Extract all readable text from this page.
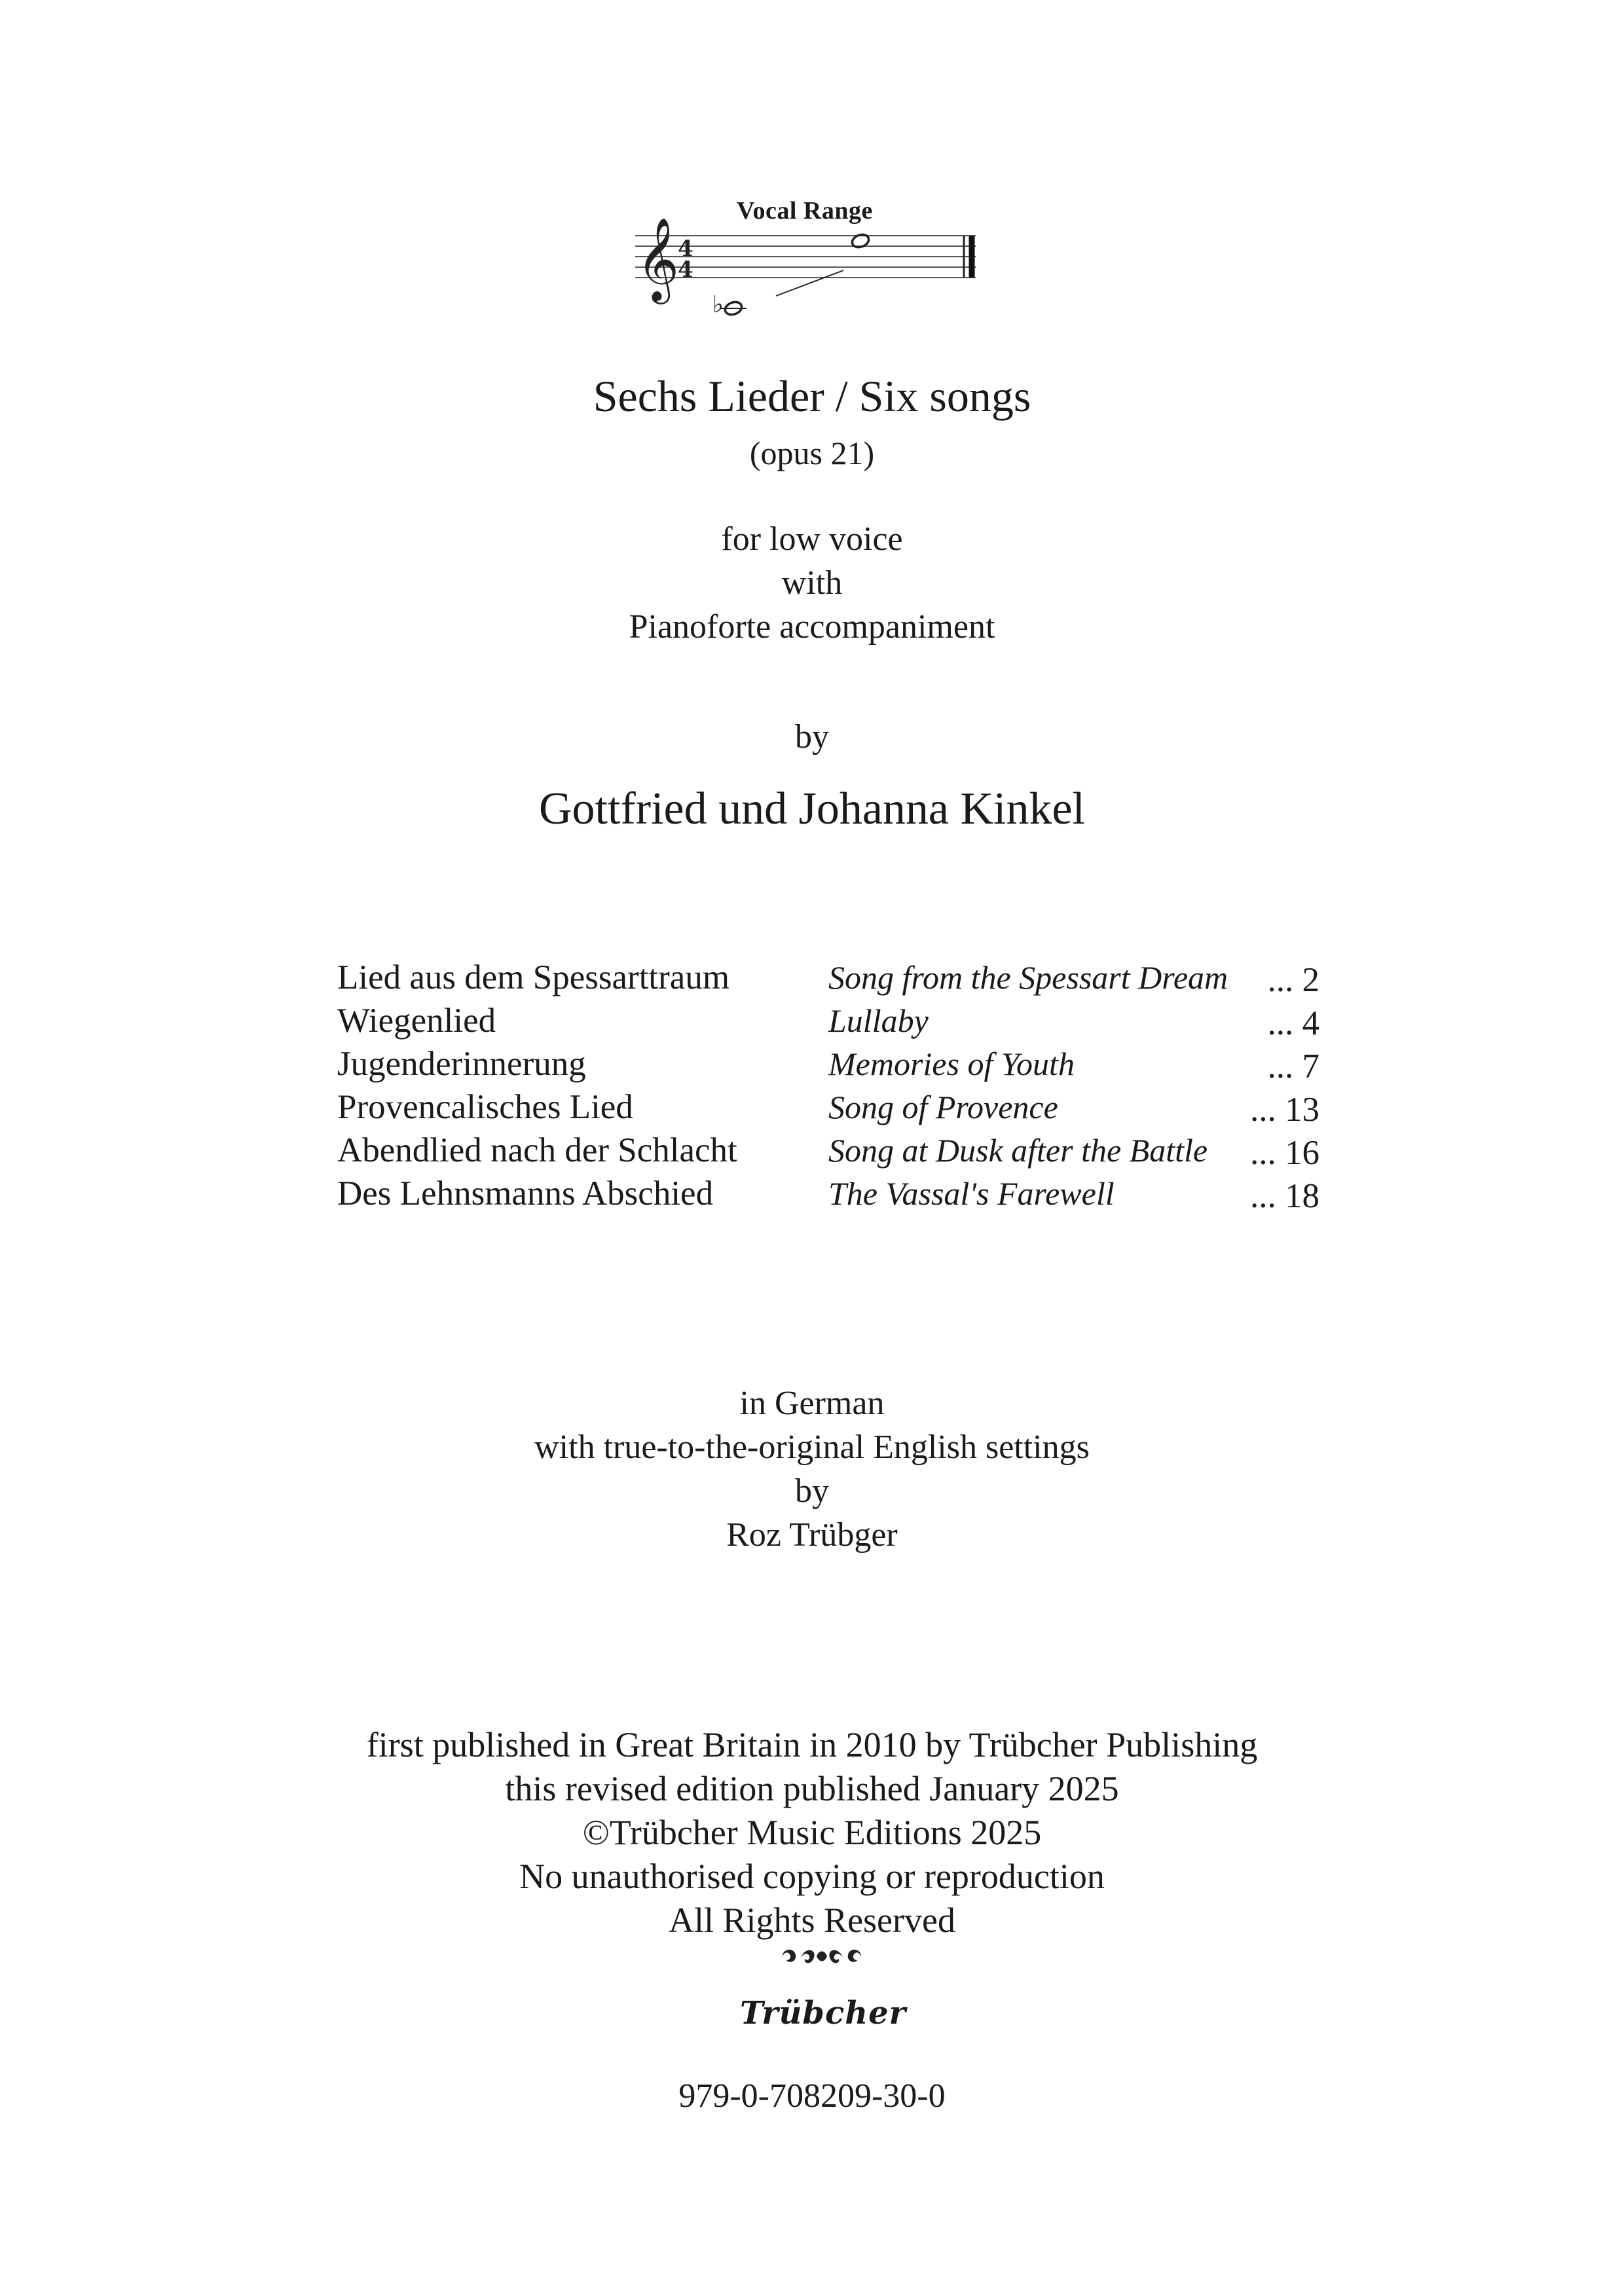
Vocal Range
𝄞
4
4
♭
Sechs Lieder / Six songs
(opus 21)
for low voice
with
Pianoforte accompaniment
by
Gottfried und Johanna Kinkel
Lied aus dem Spessarttraum	Song from the Spessart Dream	... 2
Wiegenlied	Lullaby	... 4
Jugenderinnerung	Memories of Youth	... 7
Provencalisches Lied	Song of Provence	... 13
Abendlied nach der Schlacht	Song at Dusk after the Battle	... 16
Des Lehnsmanns Abschied	The Vassal's Farewell	... 18
in German
with true-to-the-original English settings
by
Roz Trübger
first published in Great Britain in 2010 by Trübcher Publishing
this revised edition published January 2025
©Trübcher Music Editions 2025
No unauthorised copying or reproduction
All Rights Reserved
Trübcher
979-0-708209-30-0
